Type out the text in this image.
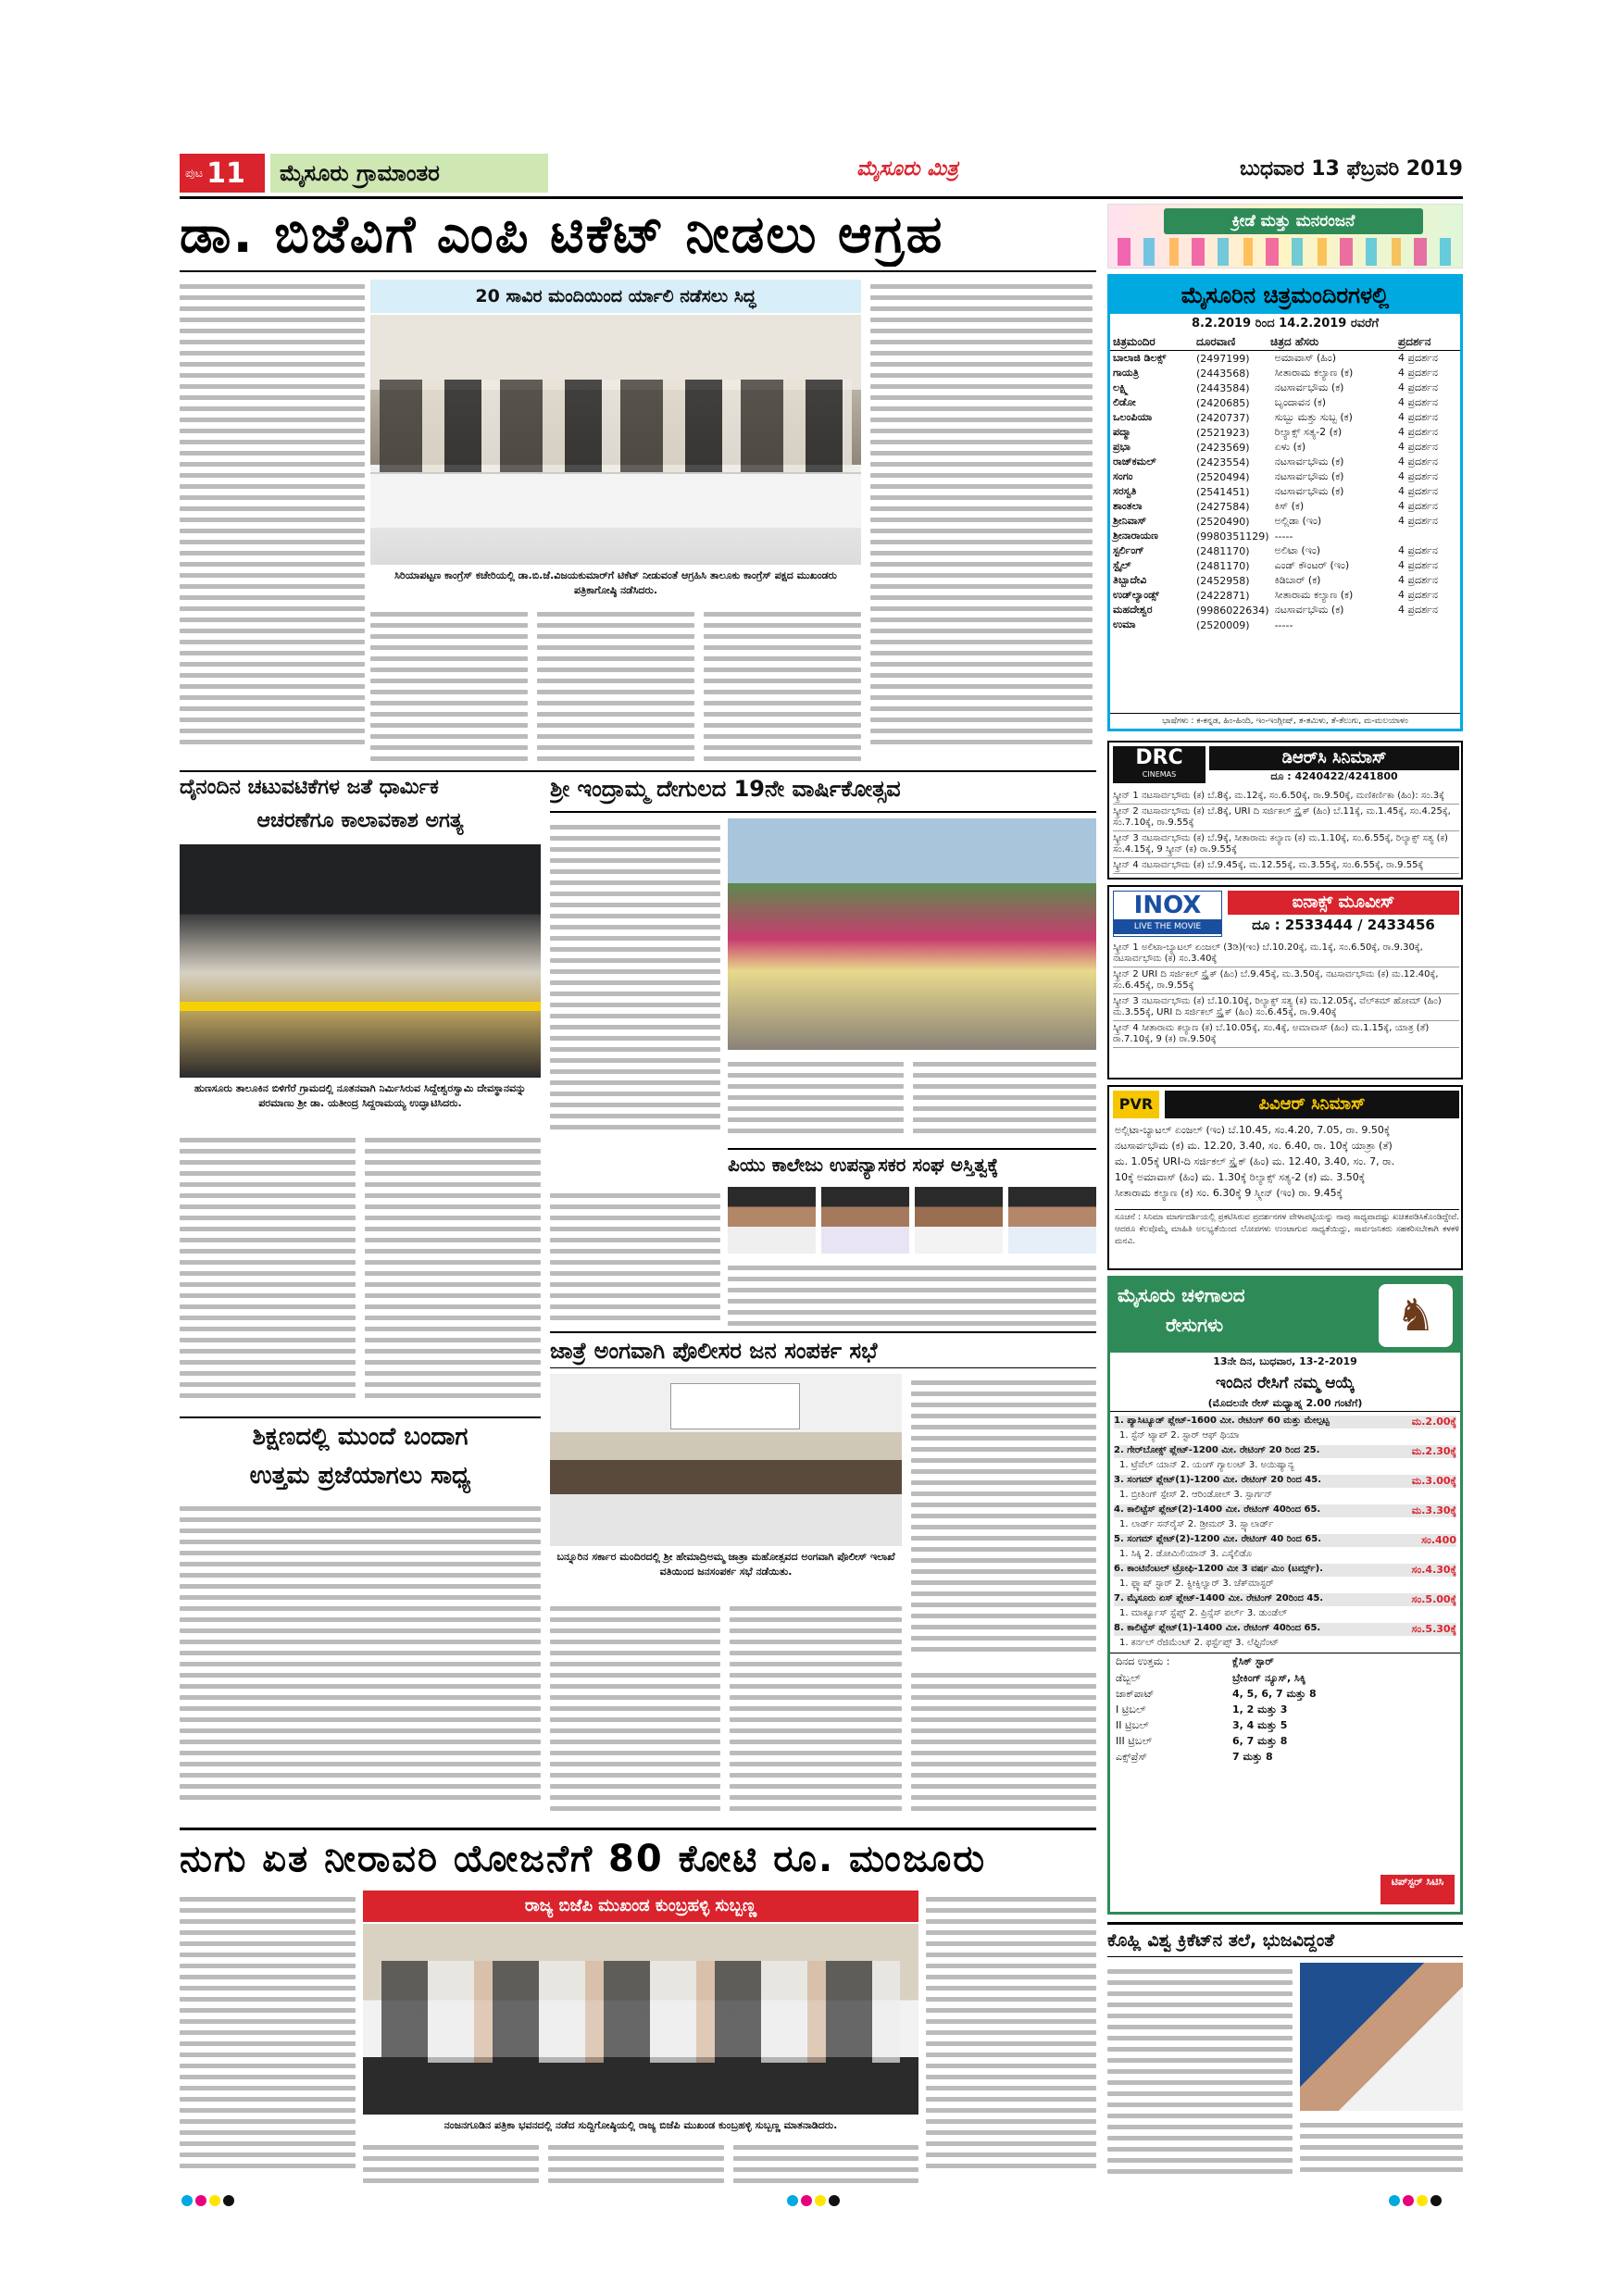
ಪುಟ 11	ಮೈಸೂರು ಗ್ರಾಮಾಂತರ	ಮೈಸೂರು ಮಿತ್ರ	ಬುಧವಾರ 13 ಫೆಬ್ರವರಿ 2019
ಡಾ. ಬಿಜೆವಿಗೆ ಎಂಪಿ ಟಿಕೆಟ್ ನೀಡಲು ಆಗ್ರಹ	ಕ್ರೀಡೆ ಮತ್ತು ಮನರಂಜನೆ
20 ಸಾವಿರ ಮಂದಿಯಿಂದ ರ್ಯಾಲಿ ನಡೆಸಲು ಸಿದ್ಧ
ಸಿರಿಯಾಪಟ್ಟಣ ಕಾಂಗ್ರೆಸ್ ಕಚೇರಿಯಲ್ಲಿ ಡಾ.ಬಿ.ಜೆ.ವಿಜಯಕುಮಾರ್‌ಗೆ ಟಿಕೆಟ್ ನೀಡುವಂತೆ ಆಗ್ರಹಿಸಿ ತಾಲೂಕು ಕಾಂಗ್ರೆಸ್ ಪಕ್ಷದ ಮುಖಂಡರು ಪತ್ರಿಕಾಗೋಷ್ಠಿ ನಡೆಸಿದರು.
ಮೈಸೂರಿನ ಚಿತ್ರಮಂದಿರಗಳಲ್ಲಿ
8.2.2019 ರಿಂದ 14.2.2019 ರವರೆಗೆ
ಚಿತ್ರಮಂದಿರ	ದೂರವಾಣಿ	ಚಿತ್ರದ ಹೆಸರು	ಪ್ರದರ್ಶನ
ಬಾಲಾಜಿ ಡಿಲಕ್ಸ್	(2497199)	ಅಮಾವಾಸ್ (ಹಿಂ)	4 ಪ್ರದರ್ಶನ
ಗಾಯತ್ರಿ	(2443568)	ಸೀತಾರಾಮ ಕಲ್ಯಾಣ (ಕ)	4 ಪ್ರದರ್ಶನ
ಲಕ್ಷ್ಮಿ	(2443584)	ನಟಸಾರ್ವಭೌಮ (ಕ)	4 ಪ್ರದರ್ಶನ
ಲಿಡೋ	(2420685)	ಬೃಂದಾವನ (ಕ)	4 ಪ್ರದರ್ಶನ
ಒಲಂಪಿಯಾ	(2420737)	ಸುಬ್ಬು ಮತ್ತು ಸುಬ್ಬ (ಕ)	4 ಪ್ರದರ್ಶನ
ಪದ್ಮಾ	(2521923)	ರಿಲ್ಯಾಕ್ಸ್ ಸತ್ಯ-2 (ಕ)	4 ಪ್ರದರ್ಶನ
ಪ್ರಭಾ	(2423569)	ಏಳು (ಕ)	4 ಪ್ರದರ್ಶನ
ರಾಜ್‌ಕಮಲ್	(2423554)	ನಟಸಾರ್ವಭೌಮ (ಕ)	4 ಪ್ರದರ್ಶನ
ಸಂಗಂ	(2520494)	ನಟಸಾರ್ವಭೌಮ (ಕ)	4 ಪ್ರದರ್ಶನ
ಸರಸ್ವತಿ	(2541451)	ನಟಸಾರ್ವಭೌಮ (ಕ)	4 ಪ್ರದರ್ಶನ
ಶಾಂತಲಾ	(2427584)	ಕಿಸ್ (ಕ)	4 ಪ್ರದರ್ಶನ
ಶ್ರೀನಿವಾಸ್	(2520490)	ಅಲ್ಲಿಡಾ (ಇಂ)	4 ಪ್ರದರ್ಶನ
ಶ್ರೀನಾರಾಯಣ	(9980351129)	-----	
ಸ್ಟರ್ಲಿಂಗ್	(2481170)	ಅಲಿಟಾ (ಇಂ)	4 ಪ್ರದರ್ಶನ
ಸ್ಟೈಲ್	(2481170)	ಎಂಡ್ ಕೌಂಟರ್ (ಇಂ)	4 ಪ್ರದರ್ಶನ
ತಿಬ್ಬಾದೇವಿ	(2452958)	ಕಿಡಿಬಾರ್ (ಕ)	4 ಪ್ರದರ್ಶನ
ಉಡ್‌ಲ್ಯಾಂಡ್ಸ್	(2422871)	ಸೀತಾರಾಮ ಕಲ್ಯಾಣ (ಕ)	4 ಪ್ರದರ್ಶನ
ಮಹದೇಶ್ವರ	(9986022634)	ನಟಸಾರ್ವಭೌಮ (ಕ)	4 ಪ್ರದರ್ಶನ
ಉಮಾ	(2520009)	-----	
ಭಾಷೆಗಳು : ಕ-ಕನ್ನಡ, ಹಿಂ-ಹಿಂದಿ, ಇಂ-ಇಂಗ್ಲೀಷ್, ತ-ತಮಿಳು, ತೆ-ತೆಲುಗು, ಮ-ಮಲಯಾಳಂ
DRC
CINEMAS
ಡಿಆರ್‌ಸಿ ಸಿನಿಮಾಸ್
ದೂ : 4240422/4241800
ಸ್ಕ್ರೀನ್ 1 ನಟಸಾರ್ವಭೌಮ (ಕ) ಬೆ.8ಕ್ಕೆ, ಮ.12ಕ್ಕೆ, ಸಂ.6.50ಕ್ಕೆ, ರಾ.9.50ಕ್ಕೆ, ಮಣಿಕರ್ಣಿಕಾ (ಹಿಂ): ಸಂ.3ಕ್ಕೆ
ಸ್ಕ್ರೀನ್ 2 ನಟಸಾರ್ವಭೌಮ (ಕ) ಬೆ.8ಕ್ಕೆ, URI ದಿ ಸರ್ಜಿಕಲ್ ಸ್ಟ್ರೈಕ್ (ಹಿಂ) ಬೆ.11ಕ್ಕೆ, ಮ.1.45ಕ್ಕೆ, ಸಂ.4.25ಕ್ಕೆ, ಸಂ.7.10ಕ್ಕೆ, ರಾ.9.55ಕ್ಕೆ
ಸ್ಕ್ರೀನ್ 3 ನಟಸಾರ್ವಭೌಮ (ಕ) ಬೆ.9ಕ್ಕೆ, ಸೀತಾರಾಮ ಕಲ್ಯಾಣ (ಕ) ಮ.1.10ಕ್ಕೆ, ಸಂ.6.55ಕ್ಕೆ, ರಿಲ್ಯಾಕ್ಸ್ ಸತ್ಯ (ಕ) ಸಂ.4.15ಕ್ಕೆ, 9 ಸ್ಕ್ರೀನ್ (ಕ) ರಾ.9.55ಕ್ಕೆ
ಸ್ಕ್ರೀನ್ 4 ನಟಸಾರ್ವಭೌಮ (ಕ) ಬೆ.9.45ಕ್ಕೆ, ಮ.12.55ಕ್ಕೆ, ಮ.3.55ಕ್ಕೆ, ಸಂ.6.55ಕ್ಕೆ, ರಾ.9.55ಕ್ಕೆ
INOX
LIVE THE MOVIE
ಐನಾಕ್ಸ್ ಮೂವೀಸ್
ದೂ : 2533444 / 2433456
ಸ್ಕ್ರೀನ್ 1 ಅಲಿಟಾ-ಬ್ಯಾಟಲ್ ಏಂಜಲ್ (3ಡಿ)(ಇಂ) ಬೆ.10.20ಕ್ಕೆ, ಮ.1ಕ್ಕೆ, ಸಂ.6.50ಕ್ಕೆ, ರಾ.9.30ಕ್ಕೆ, ನಟಸಾರ್ವಭೌಮ (ಕ) ಸಂ.3.40ಕ್ಕೆ
ಸ್ಕ್ರೀನ್ 2 URI ದಿ ಸರ್ಜಿಕಲ್ ಸ್ಟ್ರೈಕ್ (ಹಿಂ) ಬೆ.9.45ಕ್ಕೆ, ಮ.3.50ಕ್ಕೆ, ನಟಸಾರ್ವಭೌಮ (ಕ) ಮ.12.40ಕ್ಕೆ, ಸಂ.6.45ಕ್ಕೆ, ರಾ.9.55ಕ್ಕೆ
ಸ್ಕ್ರೀನ್ 3 ನಟಸಾರ್ವಭೌಮ (ಕ) ಬೆ.10.10ಕ್ಕೆ, ರಿಲ್ಯಾಕ್ಸ್ ಸತ್ಯ (ಕ) ಮ.12.05ಕ್ಕೆ, ವೆಲ್‌ಕಮ್ ಹೋಮ್ (ಹಿಂ) ಮ.3.55ಕ್ಕೆ, URI ದಿ ಸರ್ಜಿಕಲ್ ಸ್ಟ್ರೈಕ್ (ಹಿಂ) ಸಂ.6.45ಕ್ಕೆ, ರಾ.9.40ಕ್ಕೆ
ಸ್ಕ್ರೀನ್ 4 ಸೀತಾರಾಮ ಕಲ್ಯಾಣ (ಕ) ಬೆ.10.05ಕ್ಕೆ, ಸಂ.4ಕ್ಕೆ, ಅಮಾವಾಸ್ (ಹಿಂ) ಮ.1.15ಕ್ಕೆ, ಯಾತ್ರ (ತೆ) ರಾ.7.10ಕ್ಕೆ, 9 (ಕ) ರಾ.9.50ಕ್ಕೆ
PVR	ಪಿವಿಆರ್ ಸಿನಿಮಾಸ್
ಅಲ್ಲಿಟಾ-ಬ್ಯಾಟಲ್ ಏಂಜಲ್ (ಇಂ) ಬೆ.10.45, ಸಂ.4.20, 7.05, ರಾ. 9.50ಕ್ಕೆ
ನಟಸಾರ್ವಭೌಮ (ಕ) ಮ. 12.20, 3.40, ಸಂ. 6.40, ರಾ. 10ಕ್ಕೆ ಯಾತ್ರಾ (ತೆ)
ಮ. 1.05ಕ್ಕೆ URI-ದಿ ಸರ್ಜಿಕಲ್ ಸ್ಟ್ರೈಕ್ (ಹಿಂ) ಮ. 12.40, 3.40, ಸಂ. 7, ರಾ.
10ಕ್ಕೆ ಅಮಾವಾಸ್ (ಹಿಂ) ಮ. 1.30ಕ್ಕೆ ರಿಲ್ಯಾಕ್ಸ್ ಸತ್ಯ-2 (ಕ) ಮ. 3.50ಕ್ಕೆ
ಸೀತಾರಾಮ ಕಲ್ಯಾಣ (ಕ) ಸಂ. 6.30ಕ್ಕೆ 9 ಸ್ಕ್ರೀನ್ (ಇಂ) ರಾ. 9.45ಕ್ಕೆ
ಸೂಚನೆ : ಸಿನಿಮಾ ಮಾರ್ಗದರ್ಶಿಯಲ್ಲಿ ಪ್ರಕಟಿಸಿರುವ ಪ್ರದರ್ಶನಗಳ ವೇಳಾಪಟ್ಟಿಯನ್ನು ನಾವು ಸಾಧ್ಯವಾದಷ್ಟು ಖಚಿತಪಡಿಸಿಕೊಂಡಿದ್ದೇವೆ. ಆದರೂ ಕೆಲವೊಮ್ಮೆ ಮಾಹಿತಿ ಅಲಭ್ಯತೆಯಿಂದ ಲೋಪಗಳು ಉಂಟಾಗುವ ಸಾಧ್ಯತೆಯಿದ್ದು, ಸಾರ್ವಜನಿಕರು ಸಹಕರಿಸಬೇಕಾಗಿ ಕಳಕಳಿ ಮನವಿ.
ಮೈಸೂರು ಚಳಿಗಾಲದ
ರೇಸುಗಳು	♞
13ನೇ ದಿನ, ಬುಧವಾರ, 13-2-2019
ಇಂದಿನ ರೇಸಿಗೆ ನಮ್ಮ ಆಯ್ಕೆ
(ಮೊದಲನೇ ರೇಸ್ ಮಧ್ಯಾಹ್ನ 2.00 ಗಂಟೆಗೆ)
1. ಪ್ಯಾಸಿಟ್ಯೂಡ್ ಪ್ಲೇಟ್-1600 ಮೀ. ರೇಟಿಂಗ್ 60 ಮತ್ತು ಮೇಲ್ಪಟ್ಟ	ಮ.2.00ಕ್ಕೆ
1. ಸ್ಟೆನ್ ಟ್ಯಾಪ್ 2. ಸ್ಟಾರ್ ಆಫ್ ಥಿಯಾ
2. ಗೇರ್‌ಬೋಕ್ಸ್ ಪ್ಲೇಟ್-1200 ಮೀ. ರೇಟಿಂಗ್ 20 ರಿಂದ 25.	ಮ.2.30ಕ್ಕೆ
1. ಟ್ರೆವೆಲ್ ಯಾನ್ 2. ಯಂಗ್ ಗ್ಯಾಲಂಟ್ 3. ಅಯಿಷ್ಯಾನ್ಯ
3. ಸಂಗಮ್ ಪ್ಲೇಟ್(1)-1200 ಮೀ. ರೇಟಿಂಗ್ 20 ರಿಂದ 45.	ಮ.3.00ಕ್ಕೆ
1. ಬ್ರೀತಿಂಗ್ ಸ್ಪೇಸ್ 2. ಆರಿಂಡೋಲ್ 3. ಸ್ಪಾರ್ಗನ್
4. ಕಾಲಿಟ್ಟೆಸ್ ಪ್ಲೇಟ್(2)-1400 ಮೀ. ರೇಟಿಂಗ್ 40ರಿಂದ 65.	ಮ.3.30ಕ್ಕೆ
1. ಲಾರ್ಡ್ ಸನ್‌ರೈಸ್ 2. ಡ್ರೀಮರ್ 3. ಸ್ಪ್ಯಾಲಾರ್ಡ್
5. ಸಂಗಮ್ ಪ್ಲೇಟ್(2)-1200 ಮೀ. ರೇಟಿಂಗ್ 40 ರಿಂದ 65.	ಸಂ.400
1. ಸಿಕ್ಕಿ 2. ಡೋಮಿಲಿಯಾನ್ 3. ಎಸ್ಕೆಲಿಡೊ
6. ಕಾಂಟಿನೆಂಟಲ್ ಟ್ರೋಫಿ-1200 ಮೀ 3 ವರ್ಷ ಮಿಂ (ಟರ್ಮ್ಸ್).	ಸಂ.4.30ಕ್ಕೆ
1. ಫ್ಲ್ಯಾಷ್ ಸ್ಟಾರ್ 2. ಕ್ವೀಕ್ಸಿಲ್ವಾರ್ 3. ಚೆಕ್‌ಮಾಸ್ಟರ್
7. ಮೈಸೂರು ಏಸ್ ಪ್ಲೇಟ್-1400 ಮೀ. ರೇಟಿಂಗ್ 20ರಿಂದ 45.	ಸಂ.5.00ಕ್ಕೆ
1. ಮಾರ್ಕ್ಯೂಸ್ ಸ್ಟೆಪ್ಸ್ 2. ಪ್ರಿನ್ಸೆಸ್ ಪರ್ಲ್ 3. ಡುಂಡೆಲ್
8. ಕಾಲಿಟ್ಟೆಸ್ ಪ್ಲೇಟ್(1)-1400 ಮೀ. ರೇಟಿಂಗ್ 40ರಿಂದ 65.	ಸಂ.5.30ಕ್ಕೆ
1. ಕರ್ನಲ್ ರೆಜಿಮೆಂಟ್ 2. ಫರ್ಸ್ಟೆಪ್ಸ್ 3. ಲೆಫ್ಟಿನೆಂಟ್
ದಿನದ ಉತ್ತಮ :	ಕ್ಲೆಸಿಕ್ ಸ್ಟಾರ್
ಡೆಬ್ಬಲ್	ಬ್ರೇಕಿಂಗ್ ನ್ಯೂಸ್, ಸಿಕ್ಕಿ
ಜಾಕ್‌ಪಾಟ್	4, 5, 6, 7 ಮತ್ತು 8
I ಟ್ರಿಬಲ್	1, 2 ಮತ್ತು 3
II ಟ್ರಿಬಲ್	3, 4 ಮತ್ತು 5
III ಟ್ರಿಬಲ್	6, 7 ಮತ್ತು 8
ಎಕ್ಸ್‌ಪ್ರೆಸ್	7 ಮತ್ತು 8
ಟಿಪ್‌ಸ್ಟರ್ ಸಿಟಿಸಿ
ದೈನಂದಿನ ಚಟುವಟಿಕೆಗಳ ಜತೆ ಧಾರ್ಮಿಕ
ಆಚರಣೆಗೂ ಕಾಲಾವಕಾಶ ಅಗತ್ಯ
ಹುಣಸೂರು ತಾಲೂಕಿನ ಬಿಳಿಗೆರೆ ಗ್ರಾಮದಲ್ಲಿ ನೂತನವಾಗಿ ನಿರ್ಮಿಸಿರುವ ಸಿದ್ದೇಶ್ವರಸ್ವಾಮಿ ದೇವಸ್ಥಾನವನ್ನು ಪರಮಾಣು ಶ್ರೀ ಡಾ. ಯತೀಂದ್ರ ಸಿದ್ದರಾಮಯ್ಯ ಉದ್ಘಾಟಿಸಿದರು.
ಶ್ರೀ ಇಂದ್ರಾಮ್ಮ ದೇಗುಲದ 19ನೇ ವಾರ್ಷಿಕೋತ್ಸವ
ಪಿಯು ಕಾಲೇಜು ಉಪನ್ಯಾಸಕರ ಸಂಘ ಅಸ್ತಿತ್ವಕ್ಕೆ
ಜಾತ್ರೆ ಅಂಗವಾಗಿ ಪೊಲೀಸರ ಜನ ಸಂಪರ್ಕ ಸಭೆ
ಬನ್ನೂರಿನ ಸರ್ಕಾರ ಮಂದಿರದಲ್ಲಿ ಶ್ರೀ ಹೇಮಾದ್ರಿಅಮ್ಮ ಜಾತ್ರಾ ಮಹೋತ್ಸವದ ಅಂಗವಾಗಿ ಪೊಲೀಸ್ ಇಲಾಖೆ ವತಿಯಿಂದ ಜನಸಂಪರ್ಕ ಸಭೆ ನಡೆಯಿತು.
ಶಿಕ್ಷಣದಲ್ಲಿ ಮುಂದೆ ಬಂದಾಗ
ಉತ್ತಮ ಪ್ರಜೆಯಾಗಲು ಸಾಧ್ಯ
ನುಗು ಏತ ನೀರಾವರಿ ಯೋಜನೆಗೆ 80 ಕೋಟಿ ರೂ. ಮಂಜೂರು
ರಾಜ್ಯ ಬಿಜೆಪಿ ಮುಖಂಡ ಕುಂಬ್ರಹಳ್ಳಿ ಸುಬ್ಬಣ್ಣ
ನಂಜನಗೂಡಿನ ಪತ್ರಿಕಾ ಭವನದಲ್ಲಿ ನಡೆದ ಸುದ್ದಿಗೋಷ್ಠಿಯಲ್ಲಿ ರಾಜ್ಯ ಬಿಜೆಪಿ ಮುಖಂಡ ಕುಂಬ್ರಹಳ್ಳಿ ಸುಬ್ಬಣ್ಣ ಮಾತನಾಡಿದರು.
ಕೊಹ್ಲಿ ವಿಶ್ವ ಕ್ರಿಕೆಟ್‌ನ ತಲೆ, ಭುಜವಿದ್ದಂತೆ
